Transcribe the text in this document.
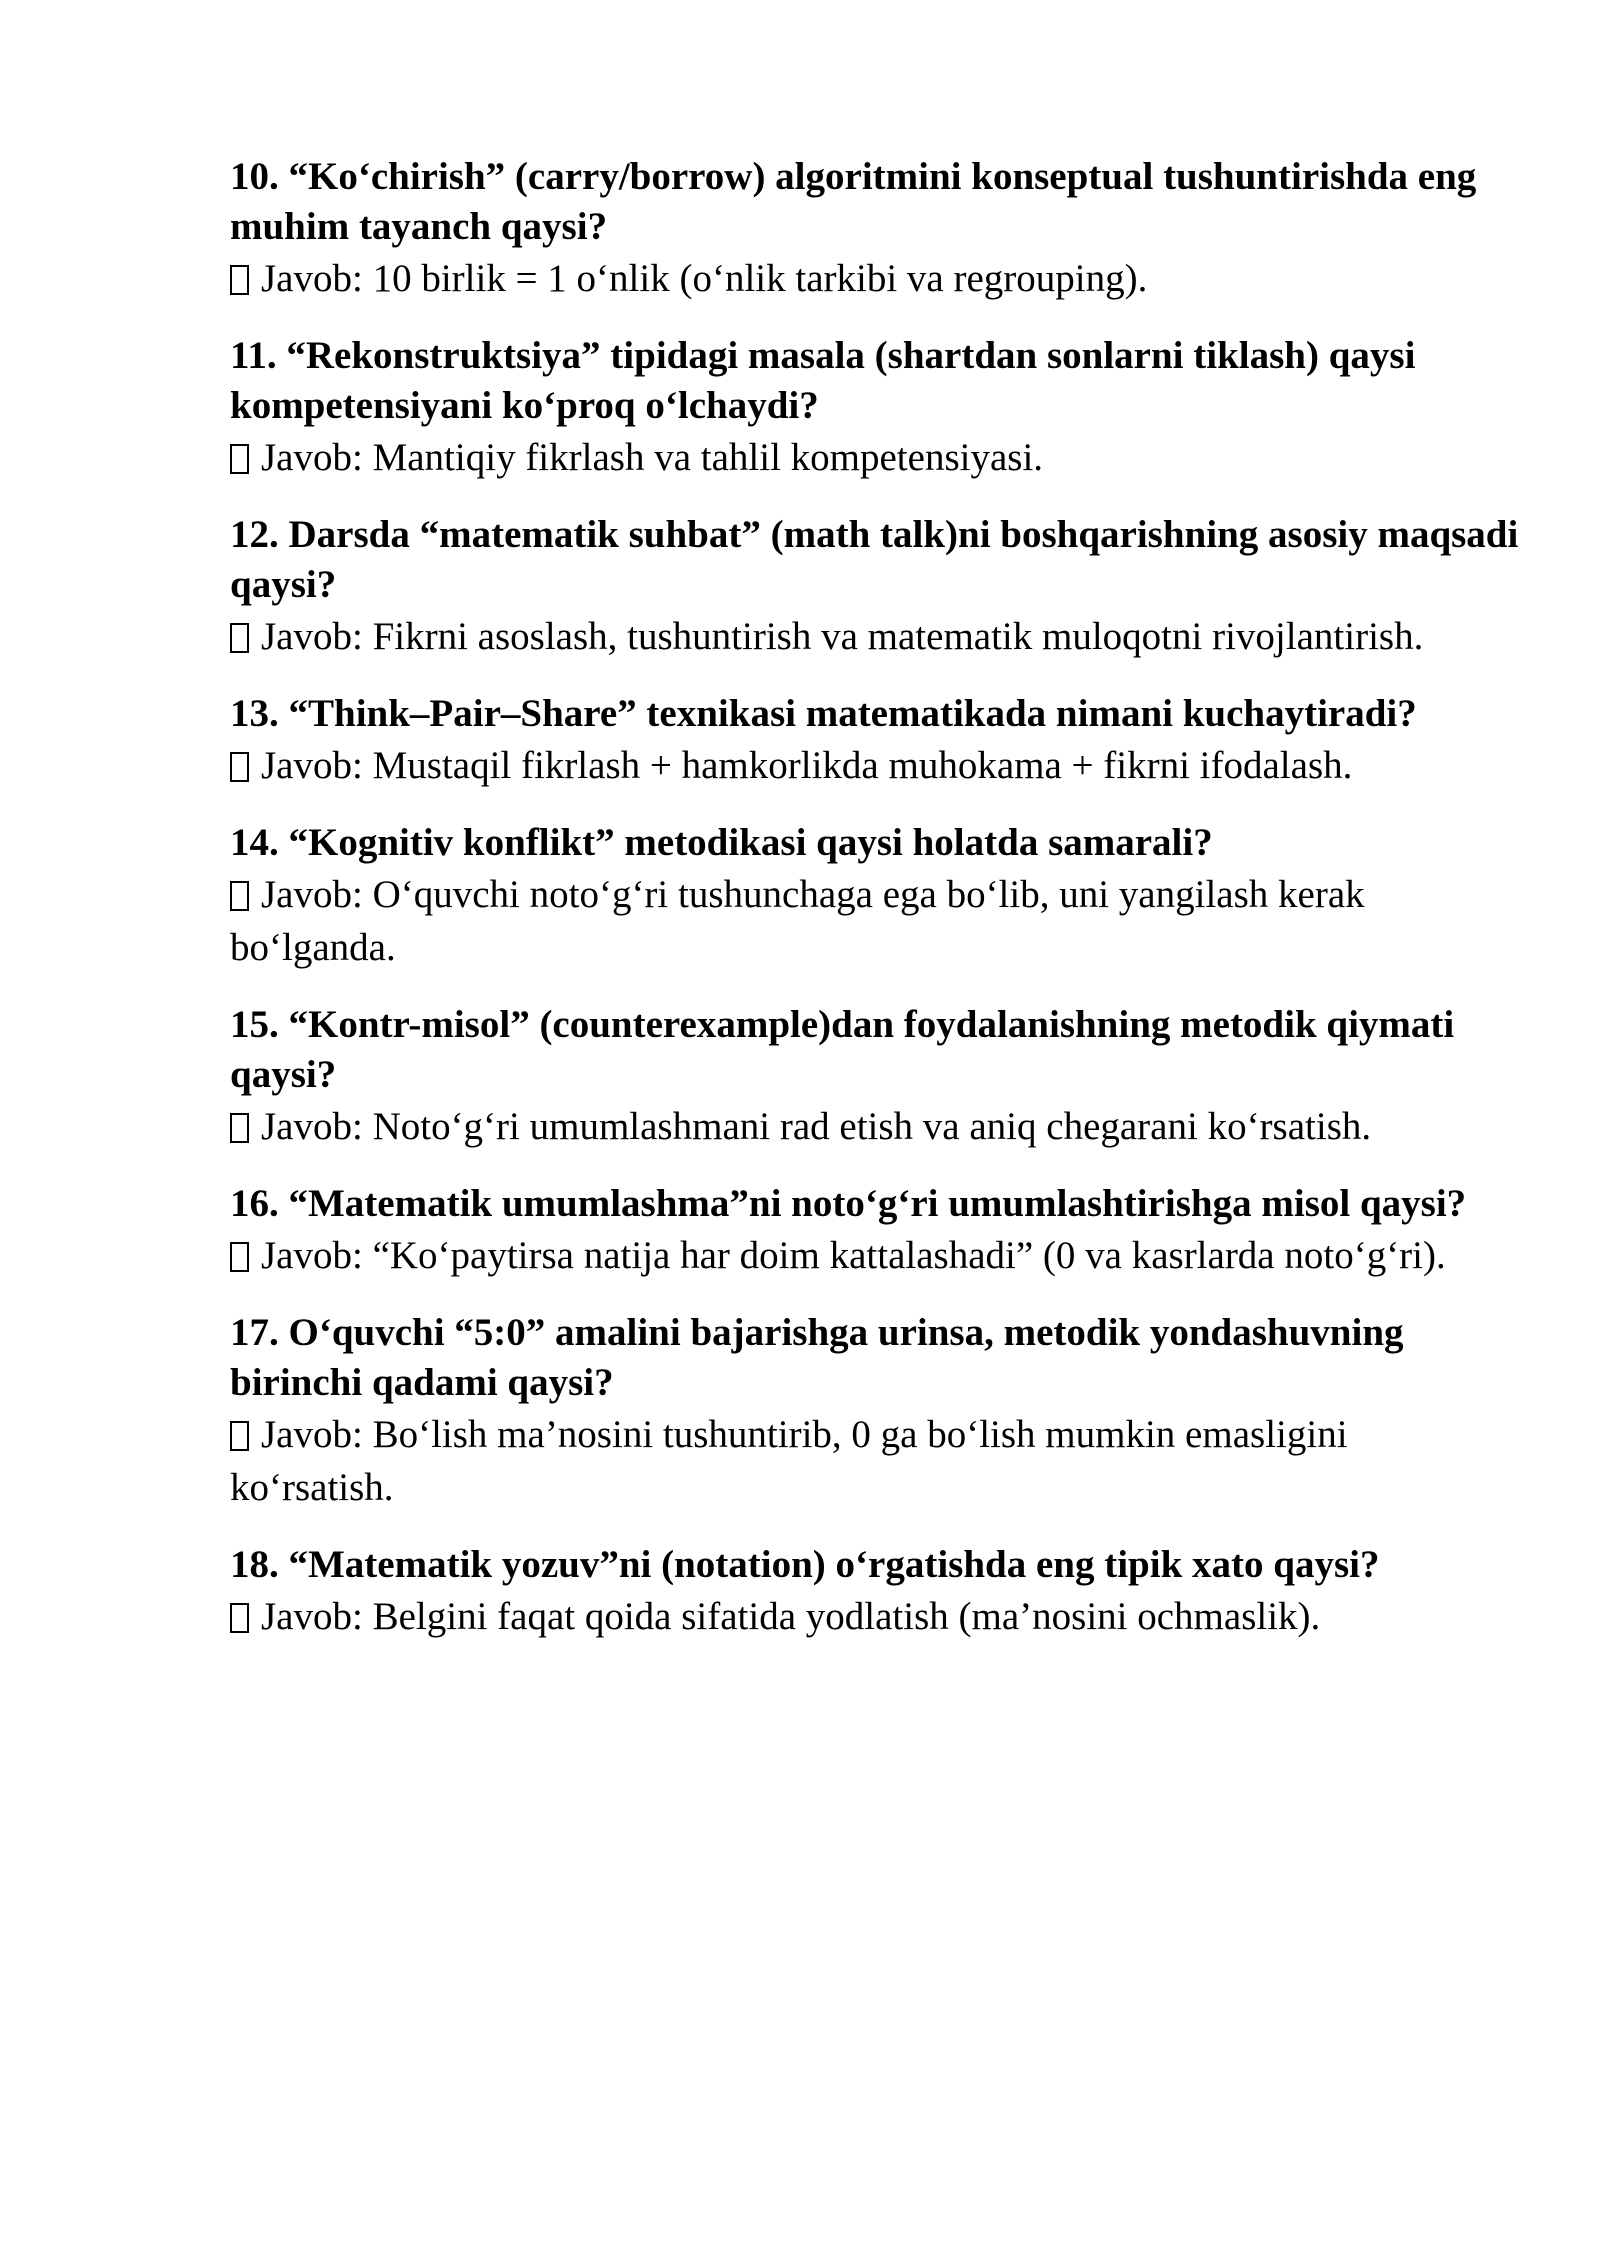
10. “Ko‘chirish” (carry/borrow) algoritmini konseptual tushuntirishda eng muhim tayanch qaysi?

Javob: 10 birlik = 1 o‘nlik (o‘nlik tarkibi va regrouping).

11. “Rekonstruktsiya” tipidagi masala (shartdan sonlarni tiklash) qaysi kompetensiyani ko‘proq o‘lchaydi?

Javob: Mantiqiy fikrlash va tahlil kompetensiyasi.

12. Darsda “matematik suhbat” (math talk)ni boshqarishning asosiy maqsadi qaysi?

Javob: Fikrni asoslash, tushuntirish va matematik muloqotni rivojlantirish.

13. “Think–Pair–Share” texnikasi matematikada nimani kuchaytiradi?

Javob: Mustaqil fikrlash + hamkorlikda muhokama + fikrni ifodalash.

14. “Kognitiv konflikt” metodikasi qaysi holatda samarali?

Javob: O‘quvchi noto‘g‘ri tushunchaga ega bo‘lib, uni yangilash kerak bo‘lganda.

15. “Kontr-misol” (counterexample)dan foydalanishning metodik qiymati qaysi?

Javob: Noto‘g‘ri umumlashmani rad etish va aniq chegarani ko‘rsatish.

16. “Matematik umumlashma”ni noto‘g‘ri umumlashtirishga misol qaysi?

Javob: “Ko‘paytirsa natija har doim kattalashadi” (0 va kasrlarda noto‘g‘ri).

17. O‘quvchi “5:0” amalini bajarishga urinsa, metodik yondashuvning birinchi qadami qaysi?

Javob: Bo‘lish ma’nosini tushuntirib, 0 ga bo‘lish mumkin emasligini ko‘rsatish.

18. “Matematik yozuv”ni (notation) o‘rgatishda eng tipik xato qaysi?

Javob: Belgini faqat qoida sifatida yodlatish (ma’nosini ochmaslik).
